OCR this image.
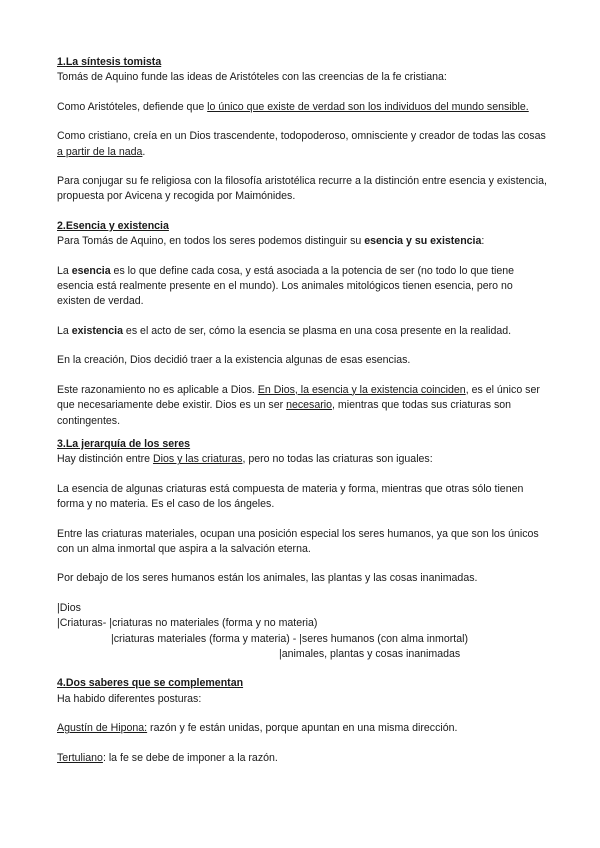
1.La síntesis tomista

Tomás de Aquino funde las ideas de Aristóteles con las creencias de la fe cristiana:

Como Aristóteles, defiende que lo único que existe de verdad son los individuos del mundo sensible.

Como cristiano, creía en un Dios trascendente, todopoderoso, omnisciente y creador de todas las cosas a partir de la nada.

Para conjugar su fe religiosa con la filosofía aristotélica recurre a la distinción entre esencia y existencia, propuesta por Avicena y recogida por Maimónides.

2.Esencia y existencia

Para Tomás de Aquino, en todos los seres podemos distinguir su esencia y su existencia:

La esencia es lo que define cada cosa, y está asociada a la potencia de ser (no todo lo que tiene esencia está realmente presente en el mundo). Los animales mitológicos tienen esencia, pero no existen de verdad.

La existencia es el acto de ser, cómo la esencia se plasma en una cosa presente en la realidad.

En la creación, Dios decidió traer a la existencia algunas de esas esencias.

Este razonamiento no es aplicable a Dios. En Dios, la esencia y la existencia coinciden, es el único ser que necesariamente debe existir. Dios es un ser necesario, mientras que todas sus criaturas son contingentes.

3.La jerarquía de los seres

Hay distinción entre Dios y las criaturas, pero no todas las criaturas son iguales:

La esencia de algunas criaturas está compuesta de materia y forma, mientras que otras sólo tienen forma y no materia. Es el caso de los ángeles.

Entre las criaturas materiales, ocupan una posición especial los seres humanos, ya que son los únicos con un alma inmortal que aspira a la salvación eterna.

Por debajo de los seres humanos están los animales, las plantas y las cosas inanimadas.

|Dios

|Criaturas- |criaturas no materiales (forma y no materia)

|criaturas materiales (forma y materia) - |seres humanos (con alma inmortal)

|animales, plantas y cosas inanimadas

4.Dos saberes que se complementan

Ha habido diferentes posturas:

Agustín de Hipona: razón y fe están unidas, porque apuntan en una misma dirección.

Tertuliano: la fe se debe de imponer a la razón.
